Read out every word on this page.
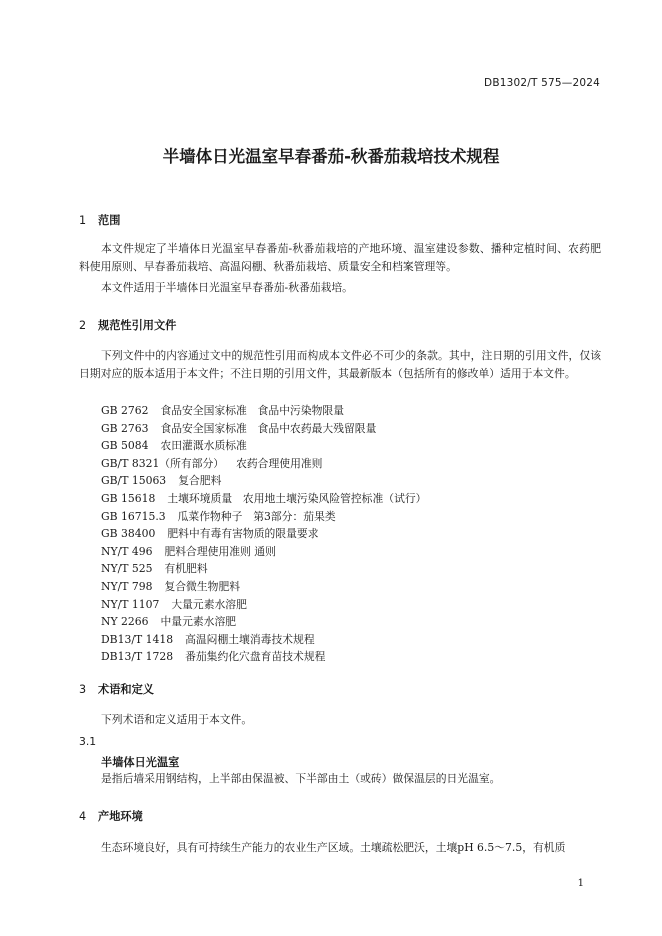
DB1302/T 575—2024
半墙体日光温室早春番茄-秋番茄栽培技术规程
1 范围

本文件规定了半墙体日光温室早春番茄-秋番茄栽培的产地环境、温室建设参数、播种定植时间、农药肥料使用原则、早春番茄栽培、高温闷棚、秋番茄栽培、质量安全和档案管理等。

本文件适用于半墙体日光温室早春番茄-秋番茄栽培。

2 规范性引用文件

下列文件中的内容通过文中的规范性引用而构成本文件必不可少的条款。其中，注日期的引用文件，仅该日期对应的版本适用于本文件；不注日期的引用文件，其最新版本（包括所有的修改单）适用于本文件。

GB 2762 食品安全国家标准　食品中污染物限量
GB 2763 食品安全国家标准　食品中农药最大残留限量
GB 5084 农田灌溉水质标准
GB/T 8321（所有部分） 农药合理使用准则
GB/T 15063 复合肥料
GB 15618 土壤环境质量　农用地土壤污染风险管控标准（试行）
GB 16715.3 瓜菜作物种子　第3部分：茄果类
GB 38400 肥料中有毒有害物质的限量要求
NY/T 496 肥料合理使用准则 通则
NY/T 525 有机肥料
NY/T 798 复合微生物肥料
NY/T 1107 大量元素水溶肥
NY 2266 中量元素水溶肥
DB13/T 1418 高温闷棚土壤消毒技术规程
DB13/T 1728 番茄集约化穴盘育苗技术规程
3 术语和定义

下列术语和定义适用于本文件。

3.1
半墙体日光温室
是指后墙采用钢结构，上半部由保温被、下半部由土（或砖）做保温层的日光温室。
4 产地环境

生态环境良好，具有可持续生产能力的农业生产区域。土壤疏松肥沃，土壤pH 6.5～7.5，有机质

1
